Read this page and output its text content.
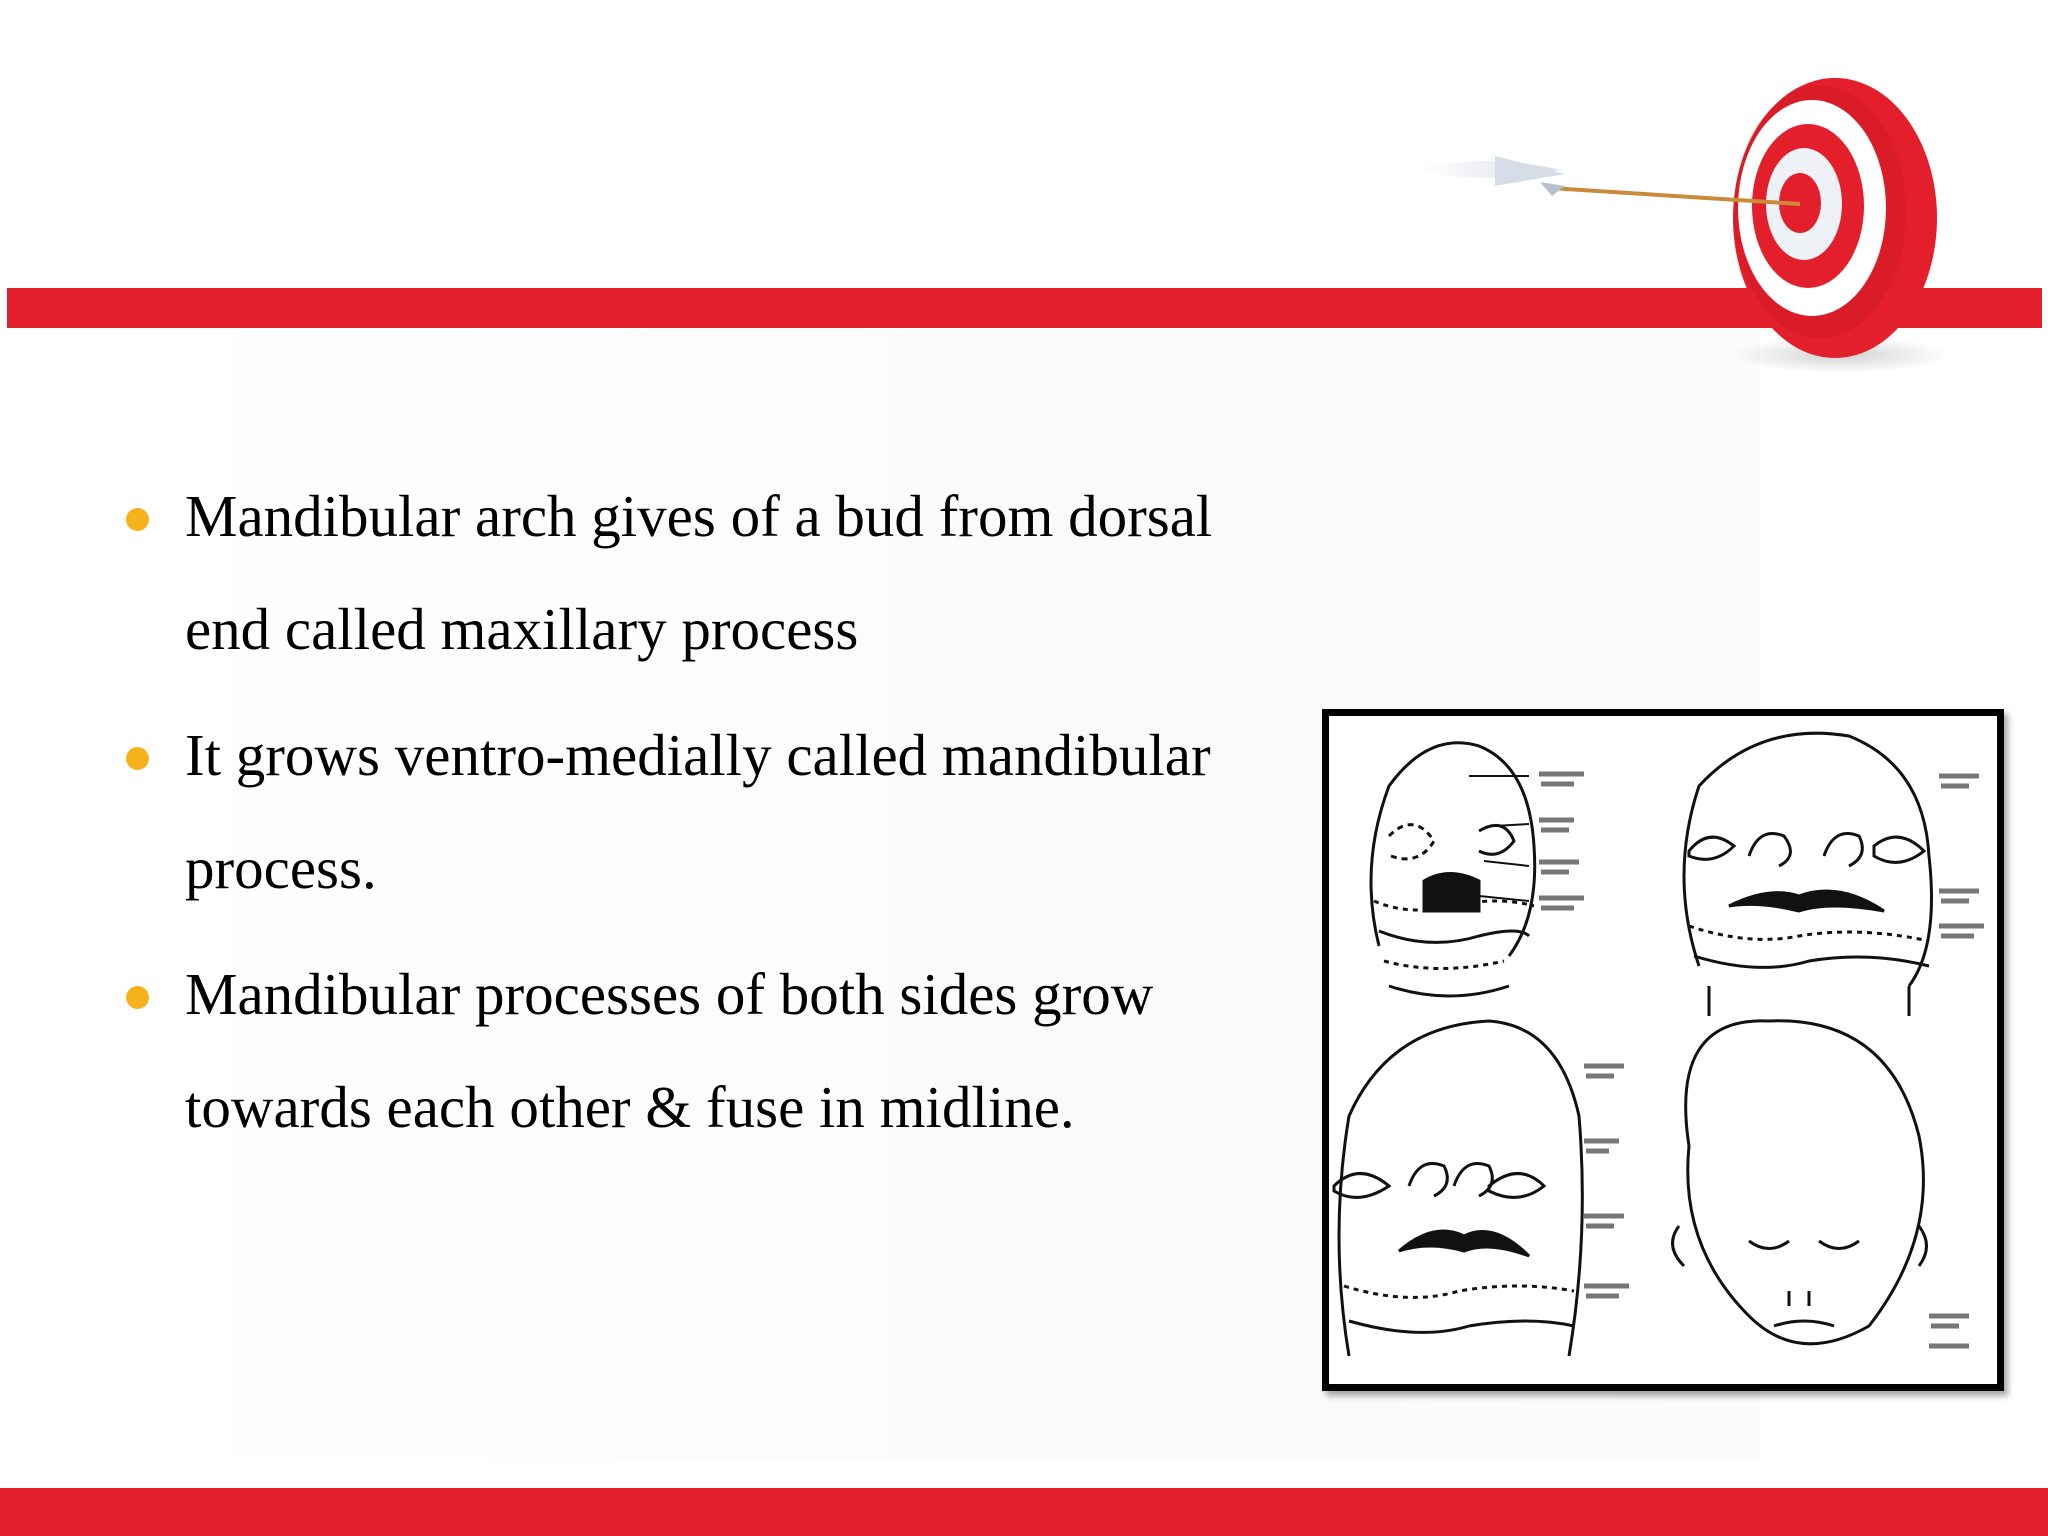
Mandibular arch gives of a bud from dorsal
end called maxillary process
It grows ventro-medially called mandibular
process.
Mandibular processes of both sides grow
towards each other & fuse in midline.
